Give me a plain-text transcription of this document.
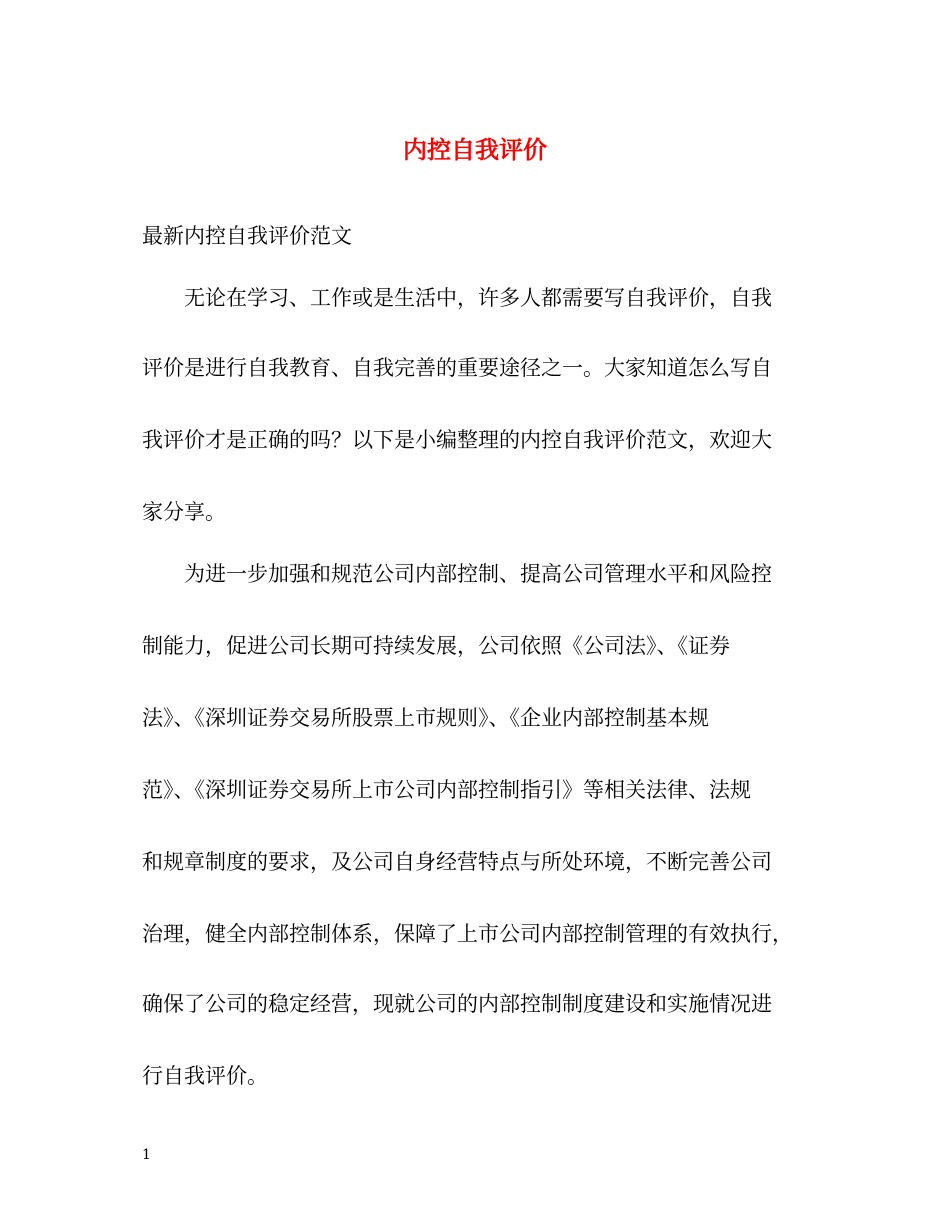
内控自我评价

最新内控自我评价范文

无论在学习、工作或是生活中，许多人都需要写自我评价，自我

评价是进行自我教育、自我完善的重要途径之一。大家知道怎么写自

我评价才是正确的吗？以下是小编整理的内控自我评价范文，欢迎大

家分享。

为进一步加强和规范公司内部控制、提高公司管理水平和风险控

制能力，促进公司长期可持续发展，公司依照《公司法》、《证券

法》、《深圳证券交易所股票上市规则》、《企业内部控制基本规

范》、《深圳证券交易所上市公司内部控制指引》等相关法律、法规

和规章制度的要求，及公司自身经营特点与所处环境，不断完善公司

治理，健全内部控制体系，保障了上市公司内部控制管理的有效执行，

确保了公司的稳定经营，现就公司的内部控制制度建设和实施情况进

行自我评价。

1
